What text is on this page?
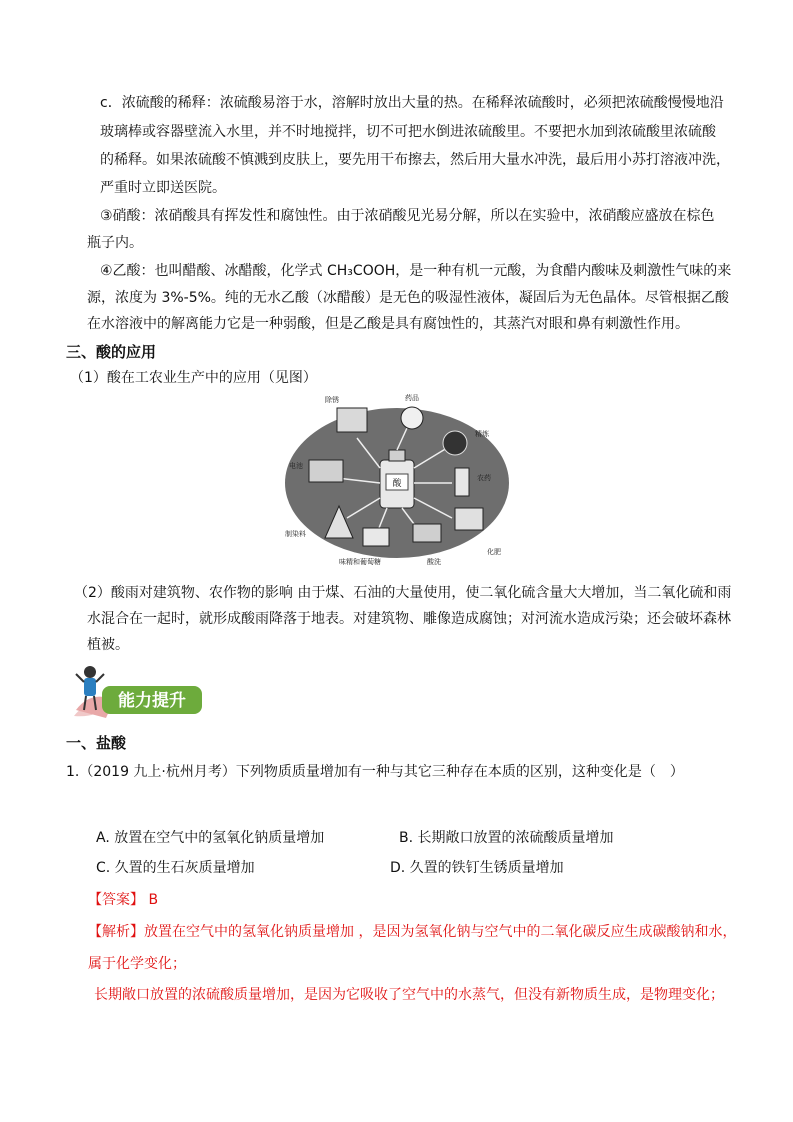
c．浓硫酸的稀释：浓硫酸易溶于水，溶解时放出大量的热。在稀释浓硫酸时，必须把浓硫酸慢慢地沿
玻璃棒或容器壁流入水里，并不时地搅拌，切不可把水倒进浓硫酸里。不要把水加到浓硫酸里浓硫酸
的稀释。如果浓硫酸不慎溅到皮肤上，要先用干布擦去，然后用大量水冲洗，最后用小苏打溶液冲洗，
严重时立即送医院。
③硝酸：浓硝酸具有挥发性和腐蚀性。由于浓硝酸见光易分解，所以在实验中，浓硝酸应盛放在棕色
瓶子内。
④乙酸：也叫醋酸、冰醋酸，化学式 CH₃COOH，是一种有机一元酸，为食醋内酸味及刺激性气味的来
源，浓度为 3%-5%。纯的无水乙酸（冰醋酸）是无色的吸湿性液体，凝固后为无色晶体。尽管根据乙酸
在水溶液中的解离能力它是一种弱酸，但是乙酸是具有腐蚀性的，其蒸汽对眼和鼻有刺激性作用。
三、酸的应用
（1）酸在工农业生产中的应用（见图）
酸
除锈	药品
精炼
农药
化肥
电池
制染料
酸洗
味精和葡萄糖
（2）酸雨对建筑物、农作物的影响 由于煤、石油的大量使用，使二氧化硫含量大大增加，当二氧化硫和雨
水混合在一起时，就形成酸雨降落于地表。对建筑物、雕像造成腐蚀；对河流水造成污染；还会破坏森林
植被。
能力提升
一、盐酸
1.（2019 九上·杭州月考）下列物质质量增加有一种与其它三种存在本质的区别，这种变化是（　）
A. 放置在空气中的氢氧化钠质量增加	B. 长期敞口放置的浓硫酸质量增加
C. 久置的生石灰质量增加	D. 久置的铁钉生锈质量增加
【答案】 B
【解析】放置在空气中的氢氧化钠质量增加 ，是因为氢氧化钠与空气中的二氧化碳反应生成碳酸钠和水，
属于化学变化；
长期敞口放置的浓硫酸质量增加，是因为它吸收了空气中的水蒸气，但没有新物质生成，是物理变化；
